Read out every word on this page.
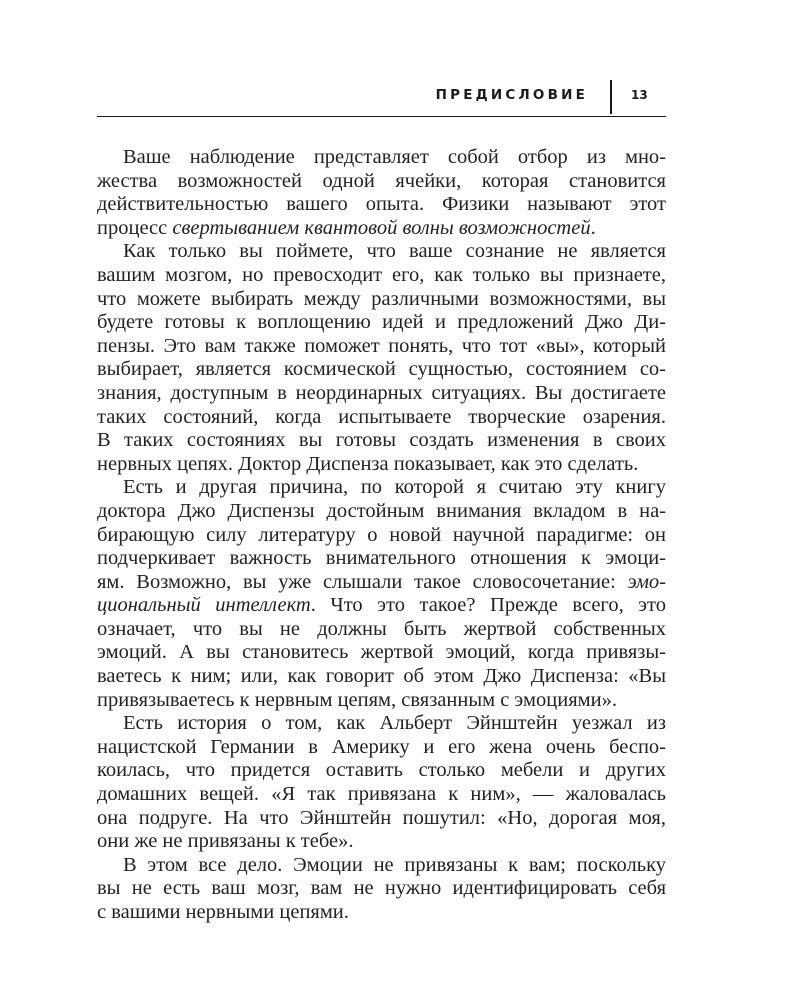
ПРЕДИСЛОВИЕ	13
Ваше наблюдение представляет собой отбор из мно-
жества возможностей одной ячейки, которая становится
действительностью вашего опыта. Физики называют этот
процесс свертыванием квантовой волны возможностей.
Как только вы поймете, что ваше сознание не является
вашим мозгом, но превосходит его, как только вы признаете,
что можете выбирать между различными возможностями, вы
будете готовы к воплощению идей и предложений Джо Ди-
пензы. Это вам также поможет понять, что тот «вы», который
выбирает, является космической сущностью, состоянием со-
знания, доступным в неординарных ситуациях. Вы достигаете
таких состояний, когда испытываете творческие озарения.
В таких состояниях вы готовы создать изменения в своих
нервных цепях. Доктор Диспенза показывает, как это сделать.
Есть и другая причина, по которой я считаю эту книгу
доктора Джо Диспензы достойным внимания вкладом в на-
бирающую силу литературу о новой научной парадигме: он
подчеркивает важность внимательного отношения к эмоци-
ям. Возможно, вы уже слышали такое словосочетание: эмо-
циональный интеллект. Что это такое? Прежде всего, это
означает, что вы не должны быть жертвой собственных
эмоций. А вы становитесь жертвой эмоций, когда привязы-
ваетесь к ним; или, как говорит об этом Джо Диспенза: «Вы
привязываетесь к нервным цепям, связанным с эмоциями».
Есть история о том, как Альберт Эйнштейн уезжал из
нацистской Германии в Америку и его жена очень беспо-
коилась, что придется оставить столько мебели и других
домашних вещей. «Я так привязана к ним», — жаловалась
она подруге. На что Эйнштейн пошутил: «Но, дорогая моя,
они же не привязаны к тебе».
В этом все дело. Эмоции не привязаны к вам; поскольку
вы не есть ваш мозг, вам не нужно идентифицировать себя
с вашими нервными цепями.
